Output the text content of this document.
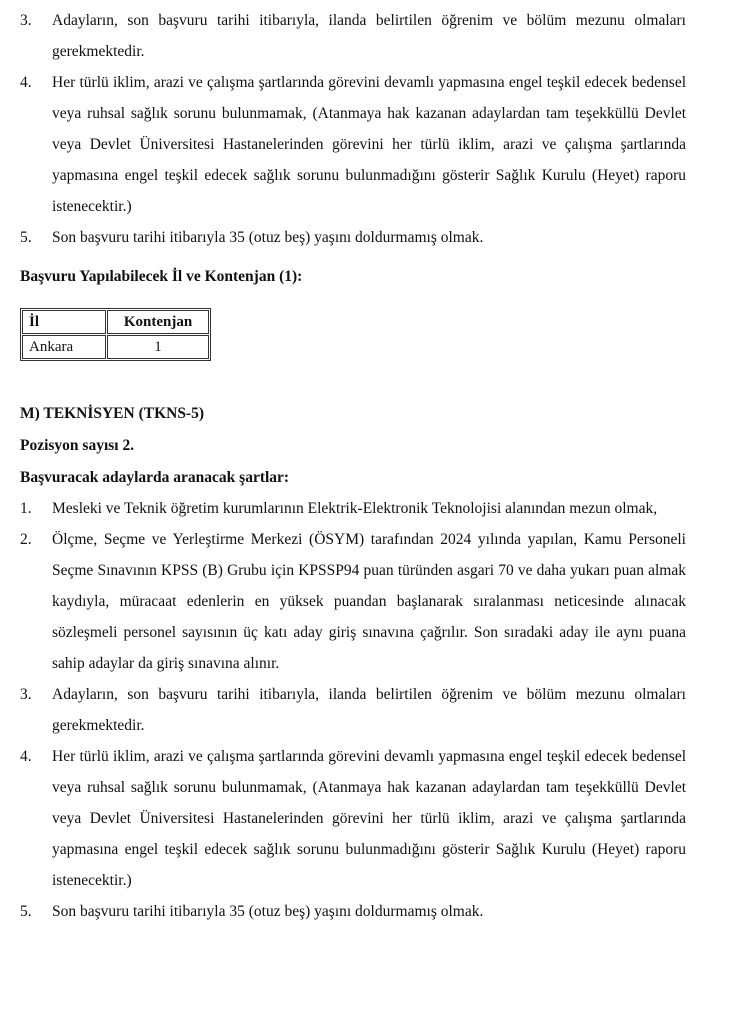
3. Adayların, son başvuru tarihi itibarıyla, ilanda belirtilen öğrenim ve bölüm mezunu olmaları gerekmektedir.
4. Her türlü iklim, arazi ve çalışma şartlarında görevini devamlı yapmasına engel teşkil edecek bedensel veya ruhsal sağlık sorunu bulunmamak, (Atanmaya hak kazanan adaylardan tam teşekküllü Devlet veya Devlet Üniversitesi Hastanelerinden görevini her türlü iklim, arazi ve çalışma şartlarında yapmasına engel teşkil edecek sağlık sorunu bulunmadığını gösterir Sağlık Kurulu (Heyet) raporu istenecektir.)
5. Son başvuru tarihi itibarıyla 35 (otuz beş) yaşını doldurmamış olmak.
Başvuru Yapılabilecek İl ve Kontenjan (1):
İl	Kontenjan
Ankara	1
M) TEKNİSYEN (TKNS-5)
Pozisyon sayısı 2.
Başvuracak adaylarda aranacak şartlar:
1. Mesleki ve Teknik öğretim kurumlarının Elektrik-Elektronik Teknolojisi alanından mezun olmak,
2. Ölçme, Seçme ve Yerleştirme Merkezi (ÖSYM) tarafından 2024 yılında yapılan, Kamu Personeli Seçme Sınavının KPSS (B) Grubu için KPSSP94 puan türünden asgari 70 ve daha yukarı puan almak kaydıyla, müracaat edenlerin en yüksek puandan başlanarak sıralanması neticesinde alınacak sözleşmeli personel sayısının üç katı aday giriş sınavına çağrılır. Son sıradaki aday ile aynı puana sahip adaylar da giriş sınavına alınır.
3. Adayların, son başvuru tarihi itibarıyla, ilanda belirtilen öğrenim ve bölüm mezunu olmaları gerekmektedir.
4. Her türlü iklim, arazi ve çalışma şartlarında görevini devamlı yapmasına engel teşkil edecek bedensel veya ruhsal sağlık sorunu bulunmamak, (Atanmaya hak kazanan adaylardan tam teşekküllü Devlet veya Devlet Üniversitesi Hastanelerinden görevini her türlü iklim, arazi ve çalışma şartlarında yapmasına engel teşkil edecek sağlık sorunu bulunmadığını gösterir Sağlık Kurulu (Heyet) raporu istenecektir.)
5. Son başvuru tarihi itibarıyla 35 (otuz beş) yaşını doldurmamış olmak.
